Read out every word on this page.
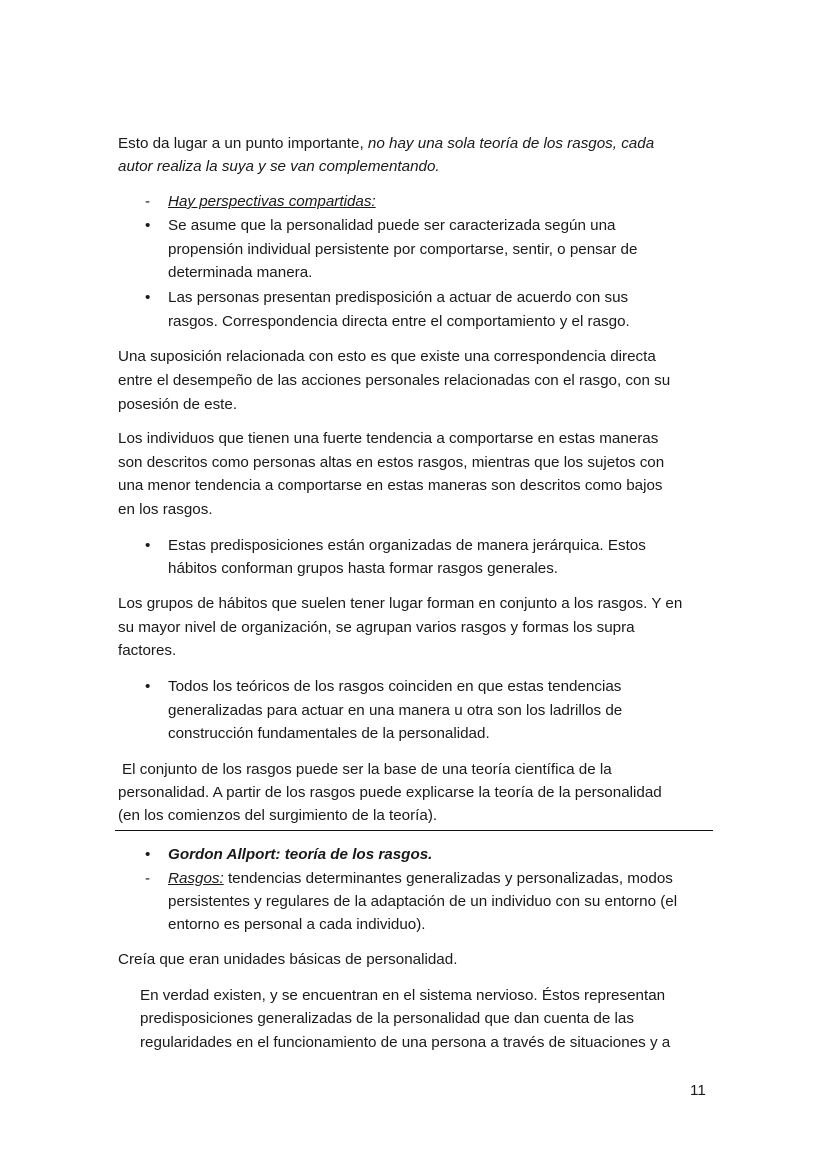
Esto da lugar a un punto importante, no hay una sola teoría de los rasgos, cada
autor realiza la suya y se van complementando.
- Hay perspectivas compartidas:
• Se asume que la personalidad puede ser caracterizada según una
propensión individual persistente por comportarse, sentir, o pensar de
determinada manera.
• Las personas presentan predisposición a actuar de acuerdo con sus
rasgos. Correspondencia directa entre el comportamiento y el rasgo.
Una suposición relacionada con esto es que existe una correspondencia directa
entre el desempeño de las acciones personales relacionadas con el rasgo, con su
posesión de este.
Los individuos que tienen una fuerte tendencia a comportarse en estas maneras
son descritos como personas altas en estos rasgos, mientras que los sujetos con
una menor tendencia a comportarse en estas maneras son descritos como bajos
en los rasgos.
• Estas predisposiciones están organizadas de manera jerárquica. Estos
hábitos conforman grupos hasta formar rasgos generales.
Los grupos de hábitos que suelen tener lugar forman en conjunto a los rasgos. Y en
su mayor nivel de organización, se agrupan varios rasgos y formas los supra
factores.
• Todos los teóricos de los rasgos coinciden en que estas tendencias
generalizadas para actuar en una manera u otra son los ladrillos de
construcción fundamentales de la personalidad.
El conjunto de los rasgos puede ser la base de una teoría científica de la
personalidad. A partir de los rasgos puede explicarse la teoría de la personalidad
(en los comienzos del surgimiento de la teoría).
• Gordon Allport: teoría de los rasgos.
- Rasgos: tendencias determinantes generalizadas y personalizadas, modos
persistentes y regulares de la adaptación de un individuo con su entorno (el
entorno es personal a cada individuo).
Creía que eran unidades básicas de personalidad.
En verdad existen, y se encuentran en el sistema nervioso. Éstos representan
predisposiciones generalizadas de la personalidad que dan cuenta de las
regularidades en el funcionamiento de una persona a través de situaciones y a
11
